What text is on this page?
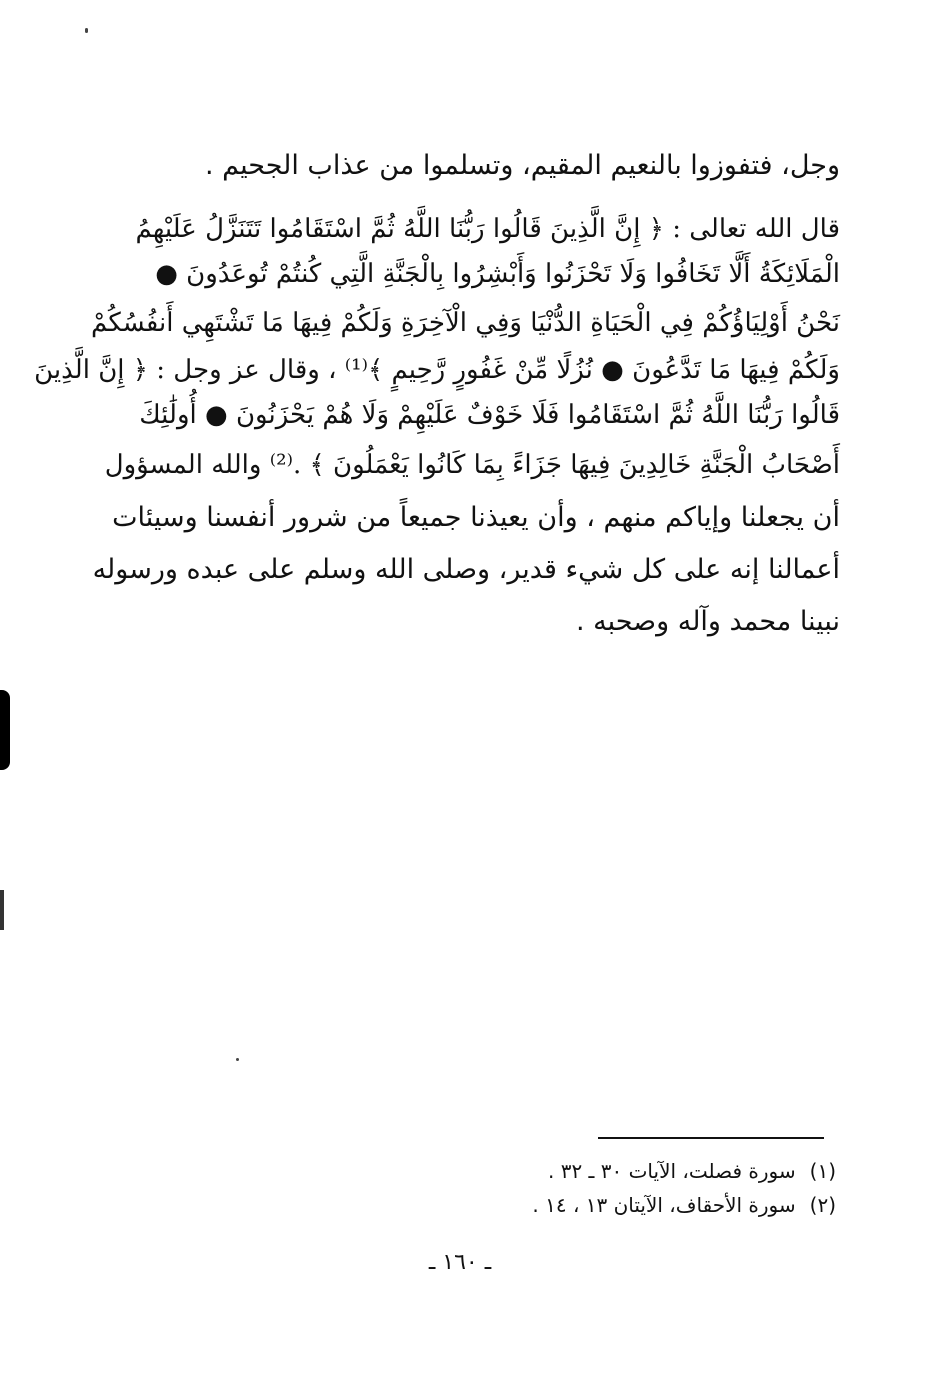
وجل، فتفوزوا بالنعيم المقيم، وتسلموا من عذاب الجحيم .
قال الله تعالى : ﴿ إِنَّ الَّذِينَ قَالُوا رَبُّنَا اللَّهُ ثُمَّ اسْتَقَامُوا تَتَنَزَّلُ عَلَيْهِمُ
الْمَلَائِكَةُ أَلَّا تَخَافُوا وَلَا تَحْزَنُوا وَأَبْشِرُوا بِالْجَنَّةِ الَّتِي كُنتُمْ تُوعَدُونَ ●
نَحْنُ أَوْلِيَاؤُكُمْ فِي الْحَيَاةِ الدُّنْيَا وَفِي الْآخِرَةِ وَلَكُمْ فِيهَا مَا تَشْتَهِي أَنفُسُكُمْ
وَلَكُمْ فِيهَا مَا تَدَّعُونَ ● نُزُلًا مِّنْ غَفُورٍ رَّحِيمٍ ﴾⁽¹⁾ ، وقال عز وجل : ﴿ إِنَّ الَّذِينَ
قَالُوا رَبُّنَا اللَّهُ ثُمَّ اسْتَقَامُوا فَلَا خَوْفٌ عَلَيْهِمْ وَلَا هُمْ يَحْزَنُونَ ● أُولَٰئِكَ
أَصْحَابُ الْجَنَّةِ خَالِدِينَ فِيهَا جَزَاءً بِمَا كَانُوا يَعْمَلُونَ ﴾ .⁽²⁾ والله المسؤول
أن يجعلنا وإياكم منهم ، وأن يعيذنا جميعاً من شرور أنفسنا وسيئات
أعمالنا إنه على كل شيء قدير، وصلى الله وسلم على عبده ورسوله
نبينا محمد وآله وصحبه .
(١)سورة فصلت، الآيات ٣٠ ـ ٣٢ .
(٢)سورة الأحقاف، الآيتان ١٣ ، ١٤ .
ـ ١٦٠ ـ
